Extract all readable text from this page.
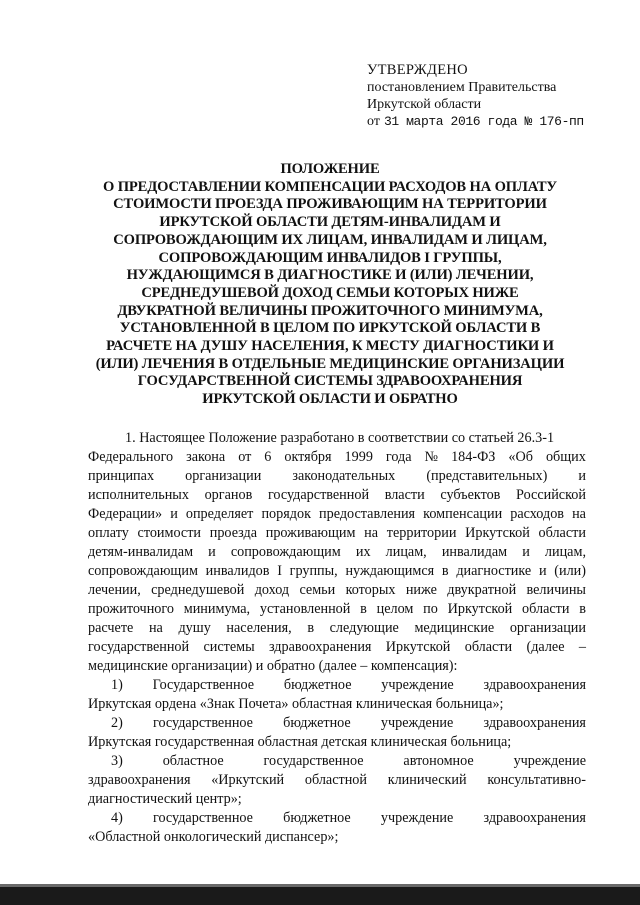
УТВЕРЖДЕНО
постановлением Правительства
Иркутской области
от 31 марта 2016 года № 176-пп
ПОЛОЖЕНИЕ
О ПРЕДОСТАВЛЕНИИ КОМПЕНСАЦИИ РАСХОДОВ НА ОПЛАТУ
СТОИМОСТИ ПРОЕЗДА ПРОЖИВАЮЩИМ НА ТЕРРИТОРИИ
ИРКУТСКОЙ ОБЛАСТИ ДЕТЯМ-ИНВАЛИДАМ И
СОПРОВОЖДАЮЩИМ ИХ ЛИЦАМ, ИНВАЛИДАМ И ЛИЦАМ,
СОПРОВОЖДАЮЩИМ ИНВАЛИДОВ I ГРУППЫ,
НУЖДАЮЩИМСЯ В ДИАГНОСТИКЕ И (ИЛИ) ЛЕЧЕНИИ,
СРЕДНЕДУШЕВОЙ ДОХОД СЕМЬИ КОТОРЫХ НИЖЕ
ДВУКРАТНОЙ ВЕЛИЧИНЫ ПРОЖИТОЧНОГО МИНИМУМА,
УСТАНОВЛЕННОЙ В ЦЕЛОМ ПО ИРКУТСКОЙ ОБЛАСТИ В
РАСЧЕТЕ НА ДУШУ НАСЕЛЕНИЯ, К МЕСТУ ДИАГНОСТИКИ И
(ИЛИ) ЛЕЧЕНИЯ В ОТДЕЛЬНЫЕ МЕДИЦИНСКИЕ ОРГАНИЗАЦИИ
ГОСУДАРСТВЕННОЙ СИСТЕМЫ ЗДРАВООХРАНЕНИЯ
ИРКУТСКОЙ ОБЛАСТИ И ОБРАТНО
1. Настоящее Положение разработано в соответствии со статьей 26.3-1
Федерального закона от 6 октября 1999 года № 184-ФЗ «Об общих
принципах организации законодательных (представительных) и
исполнительных органов государственной власти субъектов Российской
Федерации» и определяет порядок предоставления компенсации расходов на
оплату стоимости проезда проживающим на территории Иркутской области
детям-инвалидам и сопровождающим их лицам, инвалидам и лицам,
сопровождающим инвалидов I группы, нуждающимся в диагностике и (или)
лечении, среднедушевой доход семьи которых ниже двукратной величины
прожиточного минимума, установленной в целом по Иркутской области в
расчете на душу населения, в следующие медицинские организации
государственной системы здравоохранения Иркутской области (далее –
медицинские организации) и обратно (далее – компенсация):
1) Государственное бюджетное учреждение здравоохранения
Иркутская ордена «Знак Почета» областная клиническая больница»;
2) государственное бюджетное учреждение здравоохранения
Иркутская государственная областная детская клиническая больница;
3)	областное	государственное	автономное	учреждение
здравоохранения «Иркутский областной клинический консультативно-
диагностический центр»;
4) государственное бюджетное учреждение здравоохранения
«Областной онкологический диспансер»;
